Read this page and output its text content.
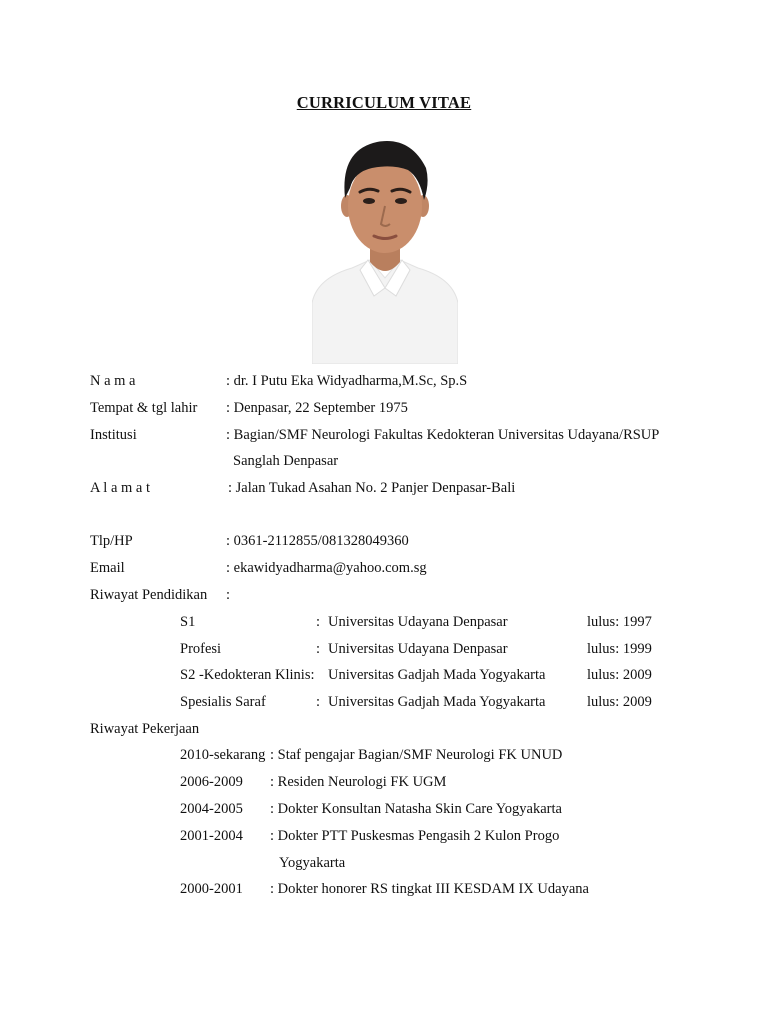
CURRICULUM VITAE
N a m a	: dr. I Putu Eka Widyadharma,M.Sc, Sp.S
Tempat & tgl lahir : Denpasar, 22 September 1975
Institusi	: Bagian/SMF Neurologi Fakultas Kedokteran Universitas Udayana/RSUP
Sanglah Denpasar
A l a m a t	: Jalan Tukad Asahan No. 2 Panjer Denpasar-Bali
Tlp/HP	: 0361-2112855/081328049360
Email	: ekawidyadharma@yahoo.com.sg
Riwayat Pendidikan :
S1	: Universitas Udayana Denpasar	lulus: 1997
Profesi	: Universitas Udayana Denpasar	lulus: 1999
S2 -Kedokteran Klinis: Universitas Gadjah Mada Yogyakarta	lulus: 2009
Spesialis Saraf	: Universitas Gadjah Mada Yogyakarta	lulus: 2009
Riwayat Pekerjaan
2010-sekarang : Staf pengajar Bagian/SMF Neurologi FK UNUD
2006-2009 : Residen Neurologi FK UGM
2004-2005 : Dokter Konsultan Natasha Skin Care Yogyakarta
2001-2004 : Dokter PTT Puskesmas Pengasih 2 Kulon Progo
Yogyakarta
2000-2001 : Dokter honorer RS tingkat III KESDAM IX Udayana
